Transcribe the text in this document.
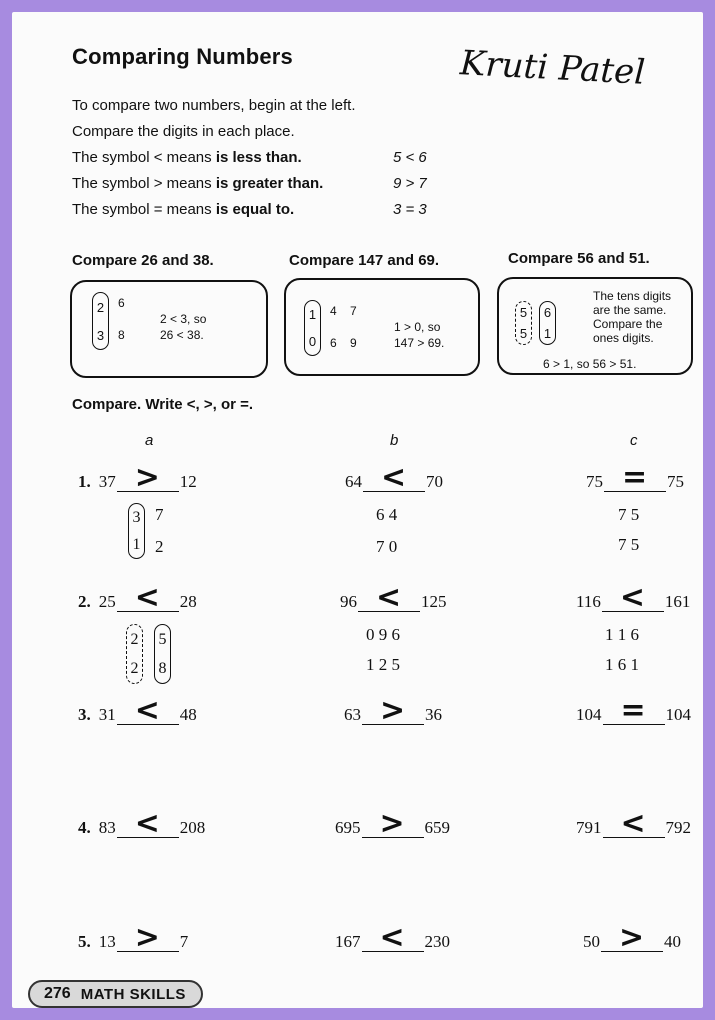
Comparing Numbers	Kruti Patel
To compare two numbers, begin at the left.
Compare the digits in each place.
The symbol < means is less than.	5 < 6
The symbol > means is greater than.	9 > 7
The symbol = means is equal to.	3 = 3
Compare 26 and 38.
2
3
6
8
2 < 3, so
26 < 38.
Compare 147 and 69.
1
0
4 7
6 9
1 > 0, so
147 > 69.
Compare 56 and 51.
5
5
6
1
The tens digits
are the same.
Compare the
ones digits.
6 > 1, so 56 > 51.
Compare. Write <, >, or =.
a	b	c
1. 37 > 12	64 < 70	75 = 75
3
1
7
2
6 4
7 0
7 5
7 5
2. 25 < 28	96 < 125	116 < 161
2
2
5
8
0 9 6
1 2 5
1 1 6
1 6 1
3. 31 < 48	63 > 36	104 = 104
4. 83 < 208	695 > 659	791 < 792
5. 13 > 7	167 < 230	50 > 40
276 MATH SKILLS
